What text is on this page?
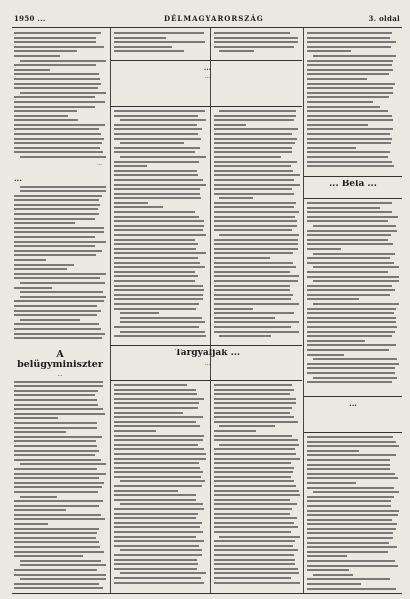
1950 ...	DÉLMAGYARORSZÁG	3. oldal
...
...
A belügyminiszter
...
...
...
Tárgyalják ...
...
... Béla ...
...
